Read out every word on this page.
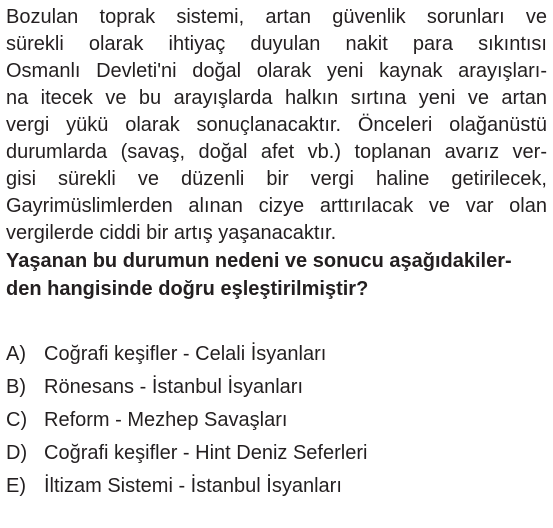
Bozulan toprak sistemi, artan güvenlik sorunları ve
sürekli olarak ihtiyaç duyulan nakit para sıkıntısı
Osmanlı Devleti'ni doğal olarak yeni kaynak arayışları-
na itecek ve bu arayışlarda halkın sırtına yeni ve artan
vergi yükü olarak sonuçlanacaktır. Önceleri olağanüstü
durumlarda (savaş, doğal afet vb.) toplanan avarız ver-
gisi sürekli ve düzenli bir vergi haline getirilecek,
Gayrimüslimlerden alınan cizye arttırılacak ve var olan
vergilerde ciddi bir artış yaşanacaktır.
Yaşanan bu durumun nedeni ve sonucu aşağıdakiler-
den hangisinde doğru eşleştirilmiştir?
A) Coğrafi keşifler - Celali İsyanları
B) Rönesans - İstanbul İsyanları
C) Reform - Mezhep Savaşları
D) Coğrafi keşifler - Hint Deniz Seferleri
E) İltizam Sistemi - İstanbul İsyanları
